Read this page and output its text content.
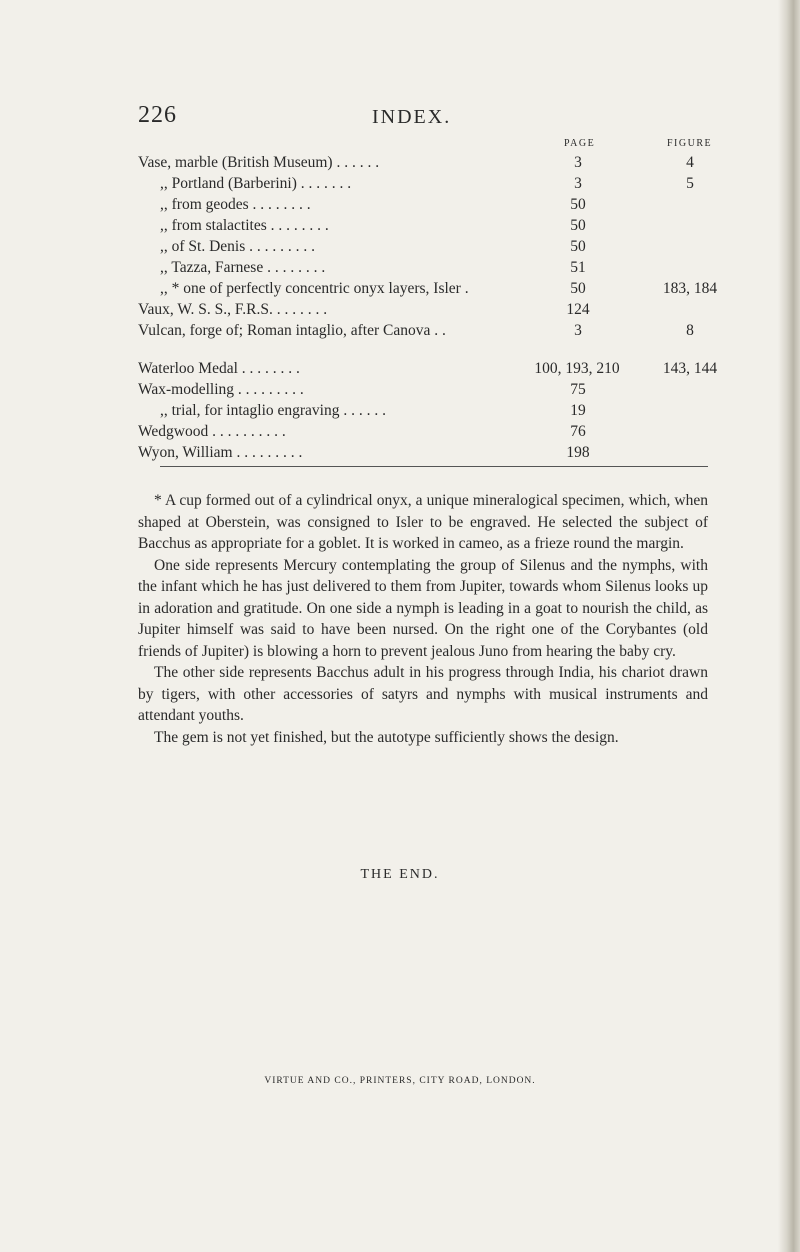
226	INDEX.
PAGE	FIGURE
Vase, marble (British Museum) . . . . . .	3	4
,, Portland (Barberini) . . . . . . .	3	5
,, from geodes . . . . . . . .	50
,, from stalactites . . . . . . . .	50
,, of St. Denis . . . . . . . . .	50
,, Tazza, Farnese . . . . . . . .	51
,, * one of perfectly concentric onyx layers, Isler .	50	183, 184
Vaux, W. S. S., F.R.S. . . . . . . .	124
Vulcan, forge of; Roman intaglio, after Canova . .	3	8
Waterloo Medal . . . . . . . .	100, 193, 210	143, 144
Wax-modelling . . . . . . . . .	75
,, trial, for intaglio engraving . . . . . .	19
Wedgwood . . . . . . . . . .	76
Wyon, William . . . . . . . . .	198

* A cup formed out of a cylindrical onyx, a unique mineralogical specimen, which, when shaped at Oberstein, was consigned to Isler to be engraved. He selected the subject of Bacchus as appropriate for a goblet. It is worked in cameo, as a frieze round the margin.

One side represents Mercury contemplating the group of Silenus and the nymphs, with the infant which he has just delivered to them from Jupiter, towards whom Silenus looks up in adoration and gratitude. On one side a nymph is leading in a goat to nourish the child, as Jupiter himself was said to have been nursed. On the right one of the Corybantes (old friends of Jupiter) is blowing a horn to prevent jealous Juno from hearing the baby cry.

The other side represents Bacchus adult in his progress through India, his chariot drawn by tigers, with other accessories of satyrs and nymphs with musical instruments and attendant youths.

The gem is not yet finished, but the autotype sufficiently shows the design.

THE END.
VIRTUE AND CO., PRINTERS, CITY ROAD, LONDON.
